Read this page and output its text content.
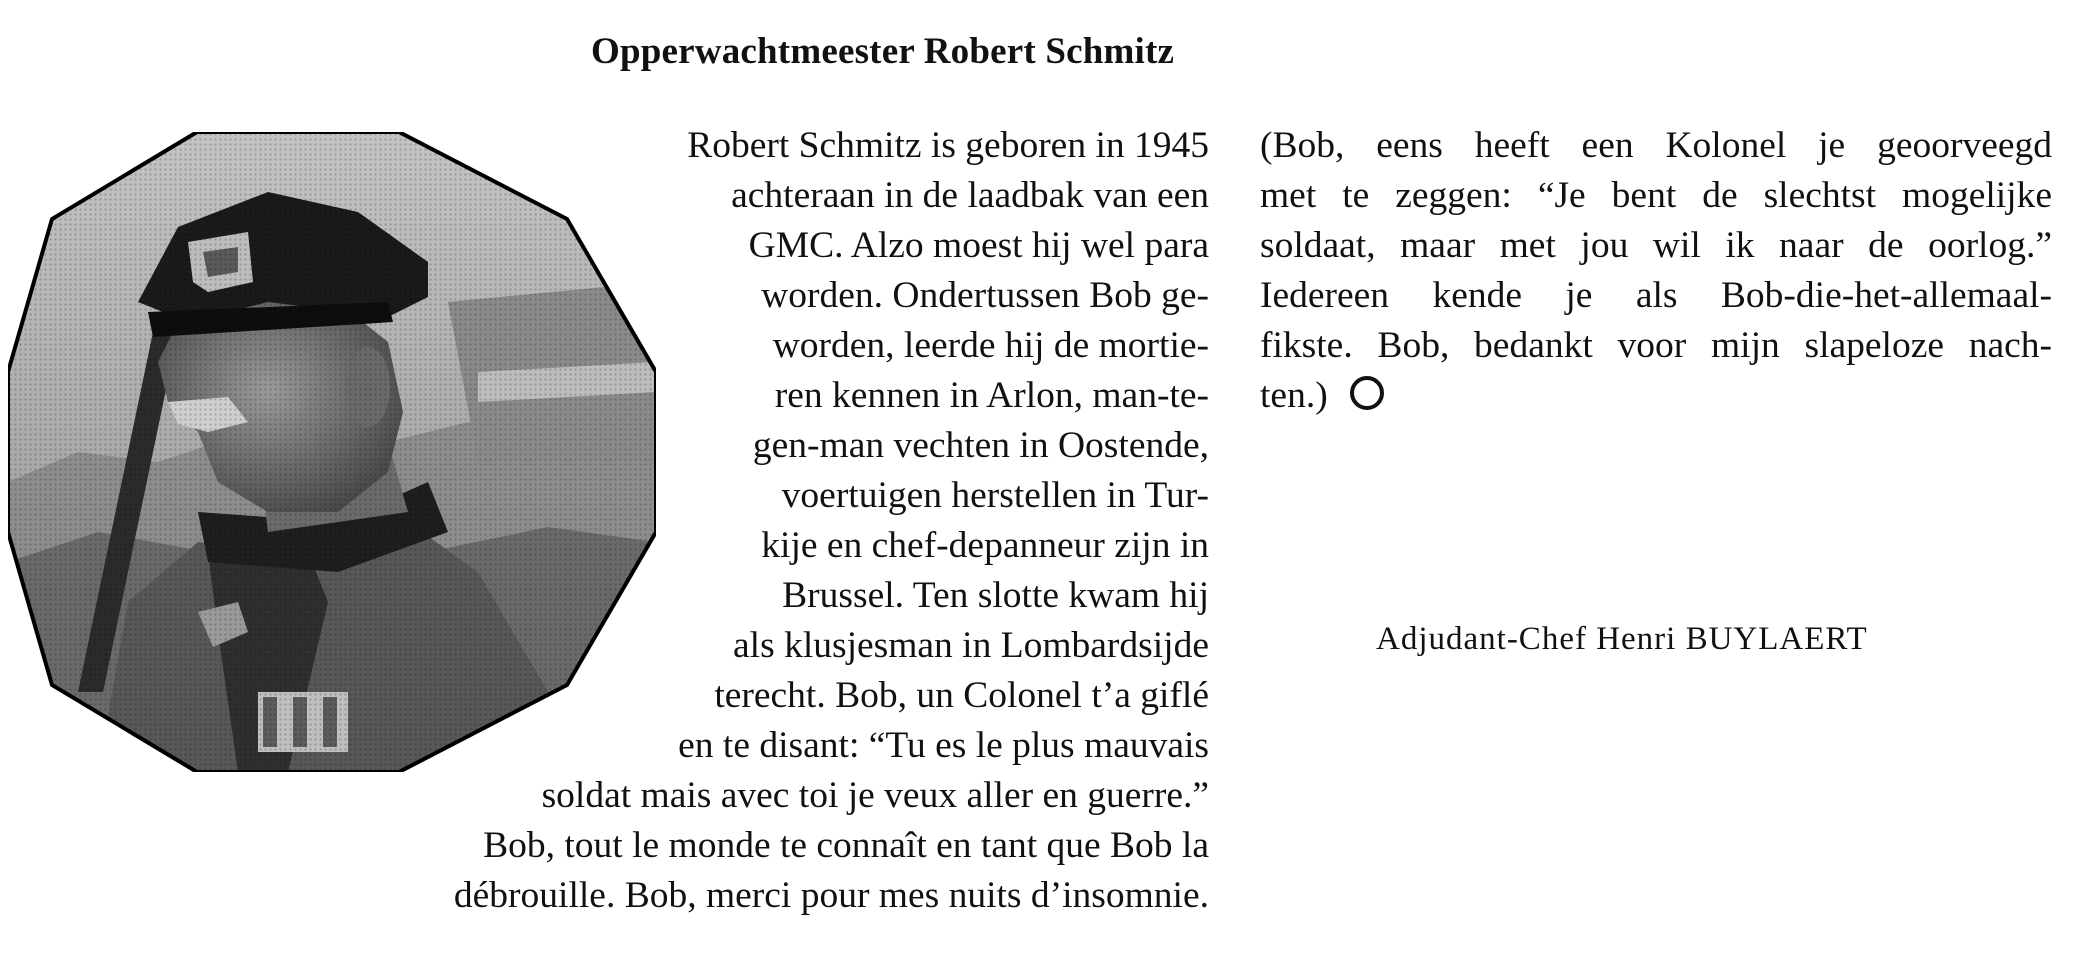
Opperwachtmeester Robert Schmitz
Robert Schmitz is geboren in 1945
achteraan in de laadbak van een
GMC. Alzo moest hij wel para
worden. Ondertussen Bob ge-
worden, leerde hij de mortie-
ren kennen in Arlon, man-te-
gen-man vechten in Oostende,
voertuigen herstellen in Tur-
kije en chef-depanneur zijn in
Brussel. Ten slotte kwam hij
als klusjesman in Lombardsijde
terecht. Bob, un Colonel t’a giflé
en te disant: “Tu es le plus mauvais
soldat mais avec toi je veux aller en guerre.”
Bob, tout le monde te connaît en tant que Bob la
débrouille. Bob, merci pour mes nuits d’insomnie.
(Bob, eens heeft een Kolonel je geoorveegd
met te zeggen: “Je bent de slechtst mogelijke
soldaat, maar met jou wil ik naar de oorlog.”
Iedereen kende je als Bob-die-het-allemaal-
fikste. Bob, bedankt voor mijn slapeloze nach-
ten.)
Adjudant-Chef Henri BUYLAERT
